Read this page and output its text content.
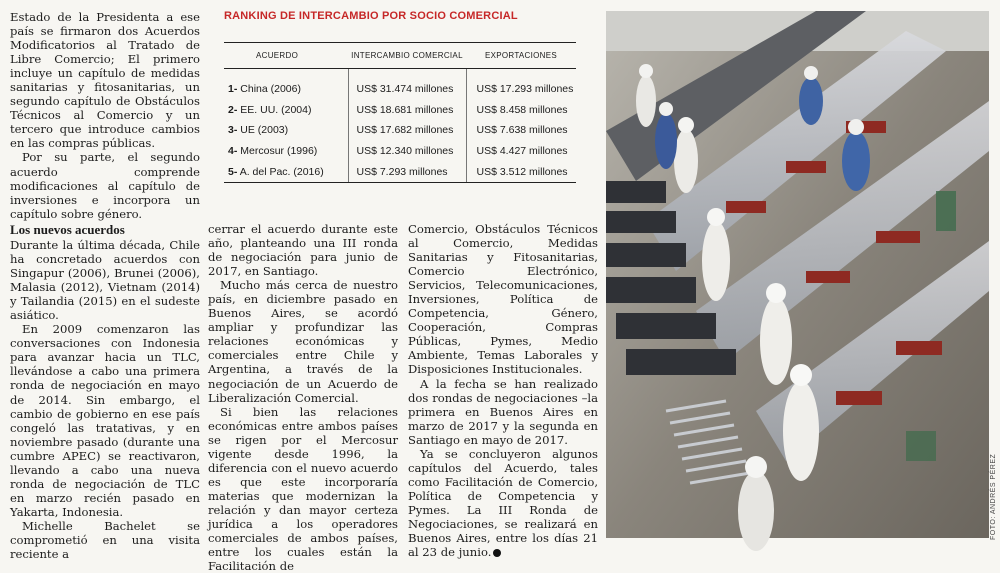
Estado de la Presidenta a ese país se firmaron dos Acuerdos Modificatorios al Tratado de Libre Comercio; El primero incluye un capítulo de medidas sanitarias y fitosanitarias, un segundo capítulo de Obstáculos Técnicos al Comercio y un tercero que introduce cambios en las compras públicas.

Por su parte, el segundo acuerdo comprende modificaciones al capítulo de inversiones e incorpora un capítulo sobre género.

RANKING DE INTERCAMBIO POR SOCIO COMERCIAL
ACUERDO	INTERCAMBIO COMERCIAL	EXPORTACIONES

1- China (2006)	US$ 31.474 millones	US$ 17.293 millones
2- EE. UU. (2004)	US$ 18.681 millones	US$ 8.458 millones
3- UE (2003)	US$ 17.682 millones	US$ 7.638 millones
4- Mercosur (1996)	US$ 12.340 millones	US$ 4.427 millones
5- A. del Pac. (2016)	US$ 7.293 millones	US$ 3.512 millones
Los nuevos acuerdos

Durante la última década, Chile ha concretado acuerdos con Singapur (2006), Brunei (2006), Malasia (2012), Vietnam (2014) y Tailandia (2015) en el sudeste asiático.

En 2009 comenzaron las conversaciones con Indonesia para avanzar hacia un TLC, llevándose a cabo una primera ronda de negociación en mayo de 2014. Sin embargo, el cambio de gobierno en ese país congeló las tratativas, y en noviembre pasado (durante una cumbre APEC) se reactivaron, llevando a cabo una nueva ronda de negociación de TLC en marzo recién pasado en Yakarta, Indonesia.

Michelle Bachelet se comprometió en una visita reciente a

cerrar el acuerdo durante este año, planteando una III ronda de negociación para junio de 2017, en Santiago.

Mucho más cerca de nuestro país, en diciembre pasado en Buenos Aires, se acordó ampliar y profundizar las relaciones económicas y comerciales entre Chile y Argentina, a través de la negociación de un Acuerdo de Liberalización Comercial.

Si bien las relaciones económicas entre ambos países se rigen por el Mercosur vigente desde 1996, la diferencia con el nuevo acuerdo es que este incorporaría materias que modernizan la relación y dan mayor certeza jurídica a los operadores comerciales de ambos países, entre los cuales están la Facilitación de

Comercio, Obstáculos Técnicos al Comercio, Medidas Sanitarias y Fitosanitarias, Comercio Electrónico, Servicios, Telecomunicaciones, Inversiones, Política de Competencia, Género, Cooperación, Compras Públicas, Pymes, Medio Ambiente, Temas Laborales y Disposiciones Institucionales.

A la fecha se han realizado dos rondas de negociaciones –la primera en Buenos Aires en marzo de 2017 y la segunda en Santiago en mayo de 2017.

Ya se concluyeron algunos capítulos del Acuerdo, tales como Facilitación de Comercio, Política de Competencia y Pymes. La III Ronda de Negociaciones, se realizará en Buenos Aires, entre los días 21 al 23 de junio.

FOTO: ANDRÉS PÉREZ
